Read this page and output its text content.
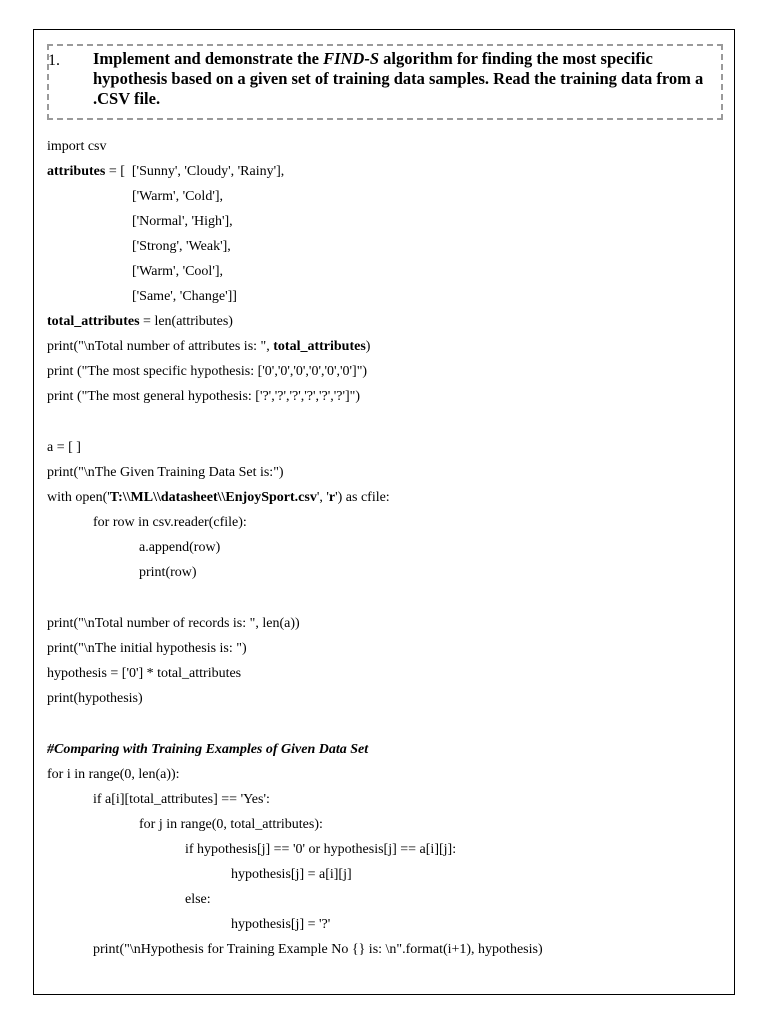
1. Implement and demonstrate the FIND-S algorithm for finding the most specific hypothesis based on a given set of training data samples. Read the training data from a .CSV file.
import csv
attributes = [  ['Sunny', 'Cloudy', 'Rainy'],
['Warm', 'Cold'],
['Normal', 'High'],
['Strong', 'Weak'],
['Warm', 'Cool'],
['Same', 'Change']]
total_attributes = len(attributes)
print("\nTotal number of attributes is: ", total_attributes)
print ("The most specific hypothesis: ['0','0','0','0','0','0']")
print ("The most general hypothesis: ['?','?','?','?','?','?']")
a = [ ]
print("\nThe Given Training Data Set is:")
with open('T:\\ML\\datasheet\\EnjoySport.csv', 'r') as cfile:
for row in csv.reader(cfile):
a.append(row)
print(row)
print("\nTotal number of records is: ", len(a))
print("\nThe initial hypothesis is: ")
hypothesis = ['0'] * total_attributes
print(hypothesis)
#Comparing with Training Examples of Given Data Set
for i in range(0, len(a)):
if a[i][total_attributes] == 'Yes':
for j in range(0, total_attributes):
if hypothesis[j] == '0' or hypothesis[j] == a[i][j]:
hypothesis[j] = a[i][j]
else:
hypothesis[j] = '?'
print("\nHypothesis for Training Example No {} is: \n".format(i+1), hypothesis)
